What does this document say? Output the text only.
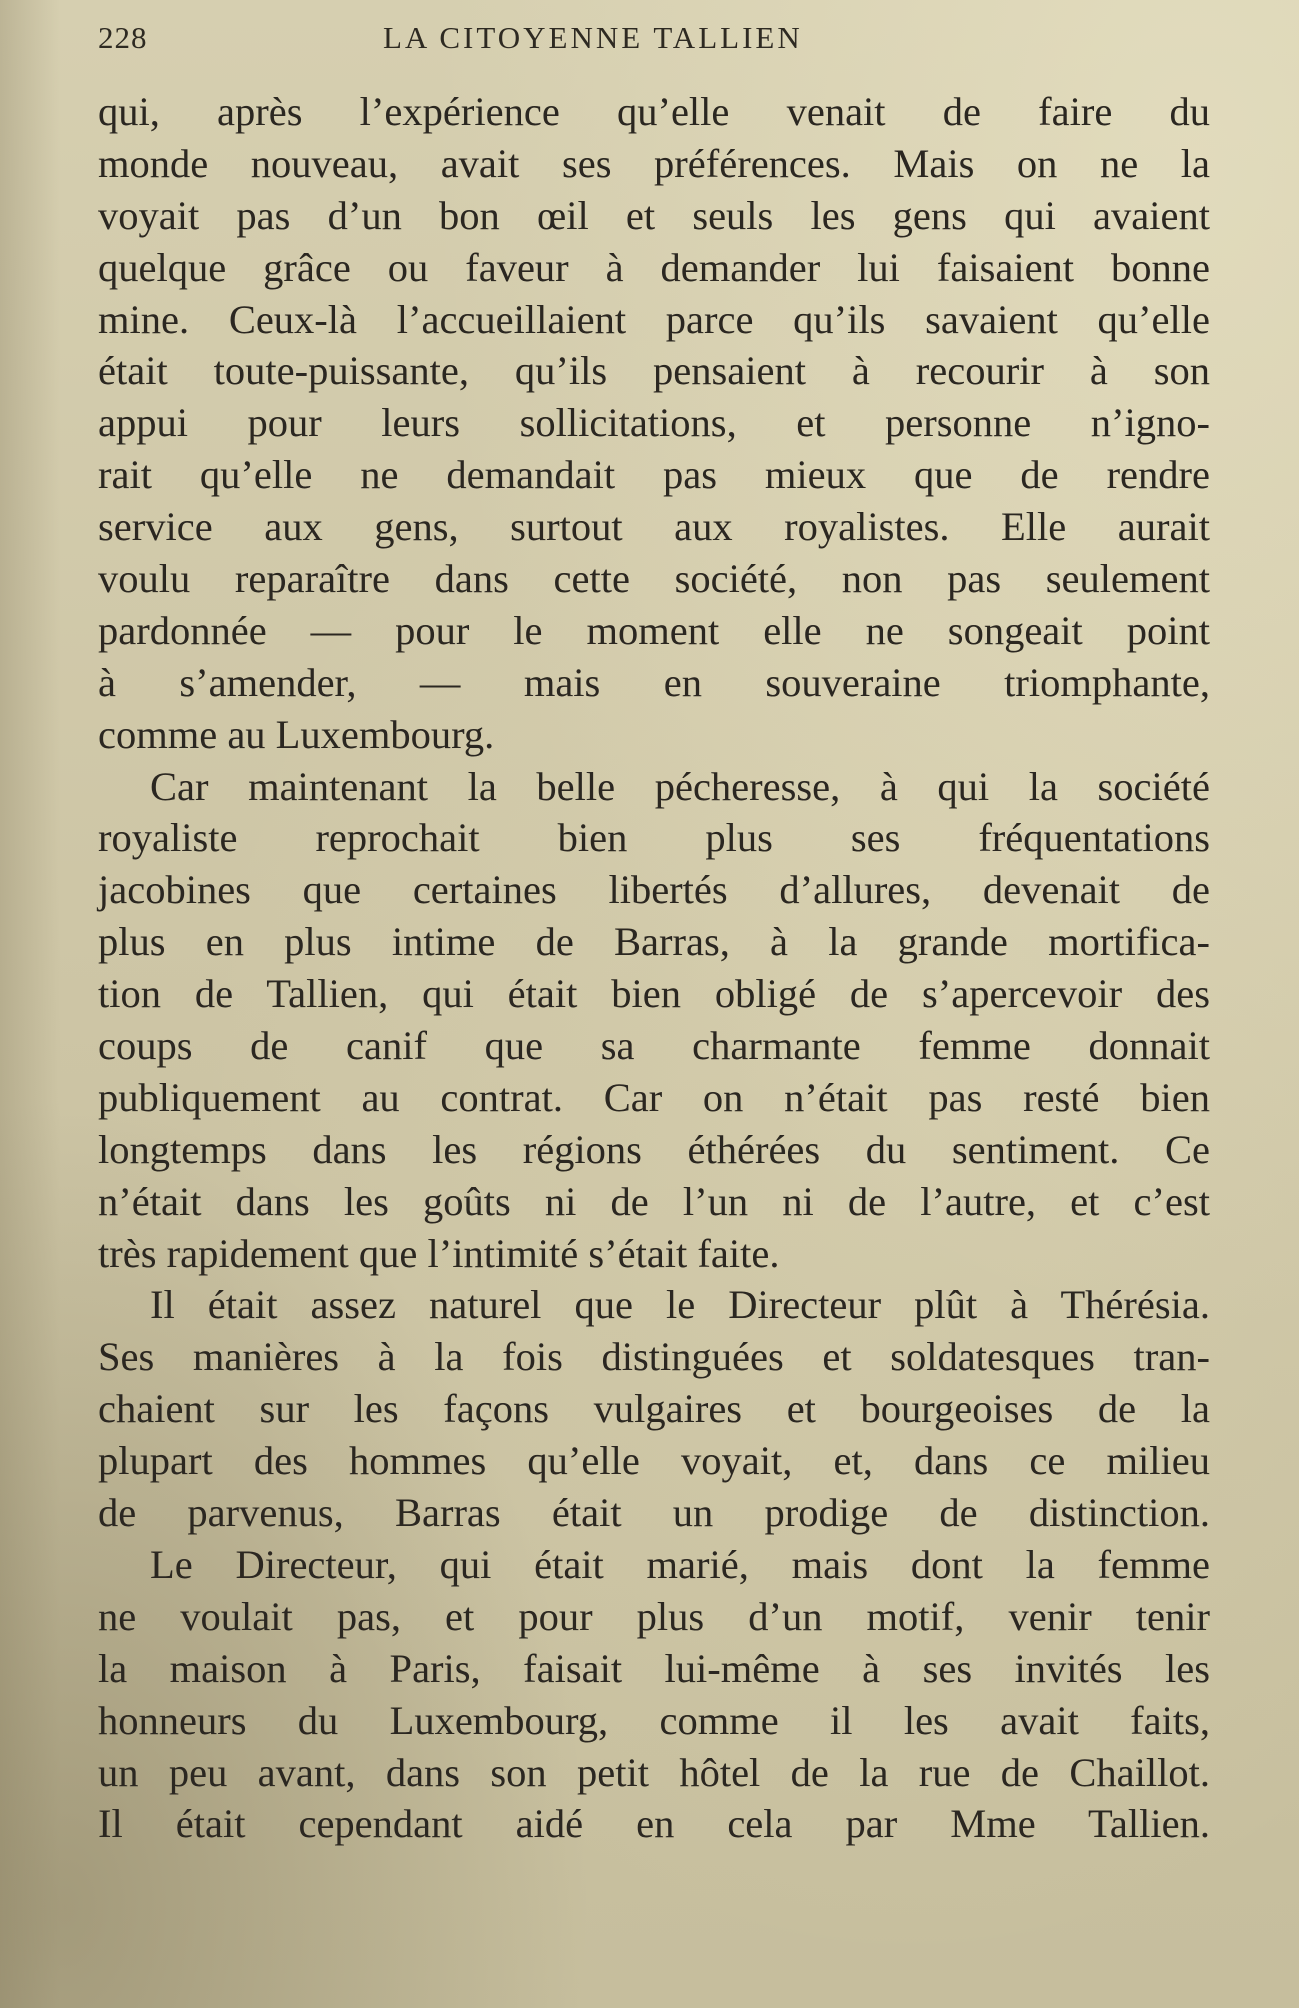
228	LA CITOYENNE TALLIEN
qui, après l’expérience qu’elle venait de faire du
monde nouveau, avait ses préférences. Mais on ne la
voyait pas d’un bon œil et seuls les gens qui avaient
quelque grâce ou faveur à demander lui faisaient bonne
mine. Ceux-là l’accueillaient parce qu’ils savaient qu’elle
était toute-puissante, qu’ils pensaient à recourir à son
appui pour leurs sollicitations, et personne n’igno-
rait qu’elle ne demandait pas mieux que de rendre
service aux gens, surtout aux royalistes. Elle aurait
voulu reparaître dans cette société, non pas seulement
pardonnée — pour le moment elle ne songeait point
à s’amender, — mais en souveraine triomphante,
comme au Luxembourg.
Car maintenant la belle pécheresse, à qui la société
royaliste reprochait bien plus ses fréquentations
jacobines que certaines libertés d’allures, devenait de
plus en plus intime de Barras, à la grande mortifica-
tion de Tallien, qui était bien obligé de s’apercevoir des
coups de canif que sa charmante femme donnait
publiquement au contrat. Car on n’était pas resté bien
longtemps dans les régions éthérées du sentiment. Ce
n’était dans les goûts ni de l’un ni de l’autre, et c’est
très rapidement que l’intimité s’était faite.
Il était assez naturel que le Directeur plût à Thérésia.
Ses manières à la fois distinguées et soldatesques tran-
chaient sur les façons vulgaires et bourgeoises de la
plupart des hommes qu’elle voyait, et, dans ce milieu
de parvenus, Barras était un prodige de distinction.
Le Directeur, qui était marié, mais dont la femme
ne voulait pas, et pour plus d’un motif, venir tenir
la maison à Paris, faisait lui-même à ses invités les
honneurs du Luxembourg, comme il les avait faits,
un peu avant, dans son petit hôtel de la rue de Chaillot.
Il était cependant aidé en cela par Mme Tallien.
